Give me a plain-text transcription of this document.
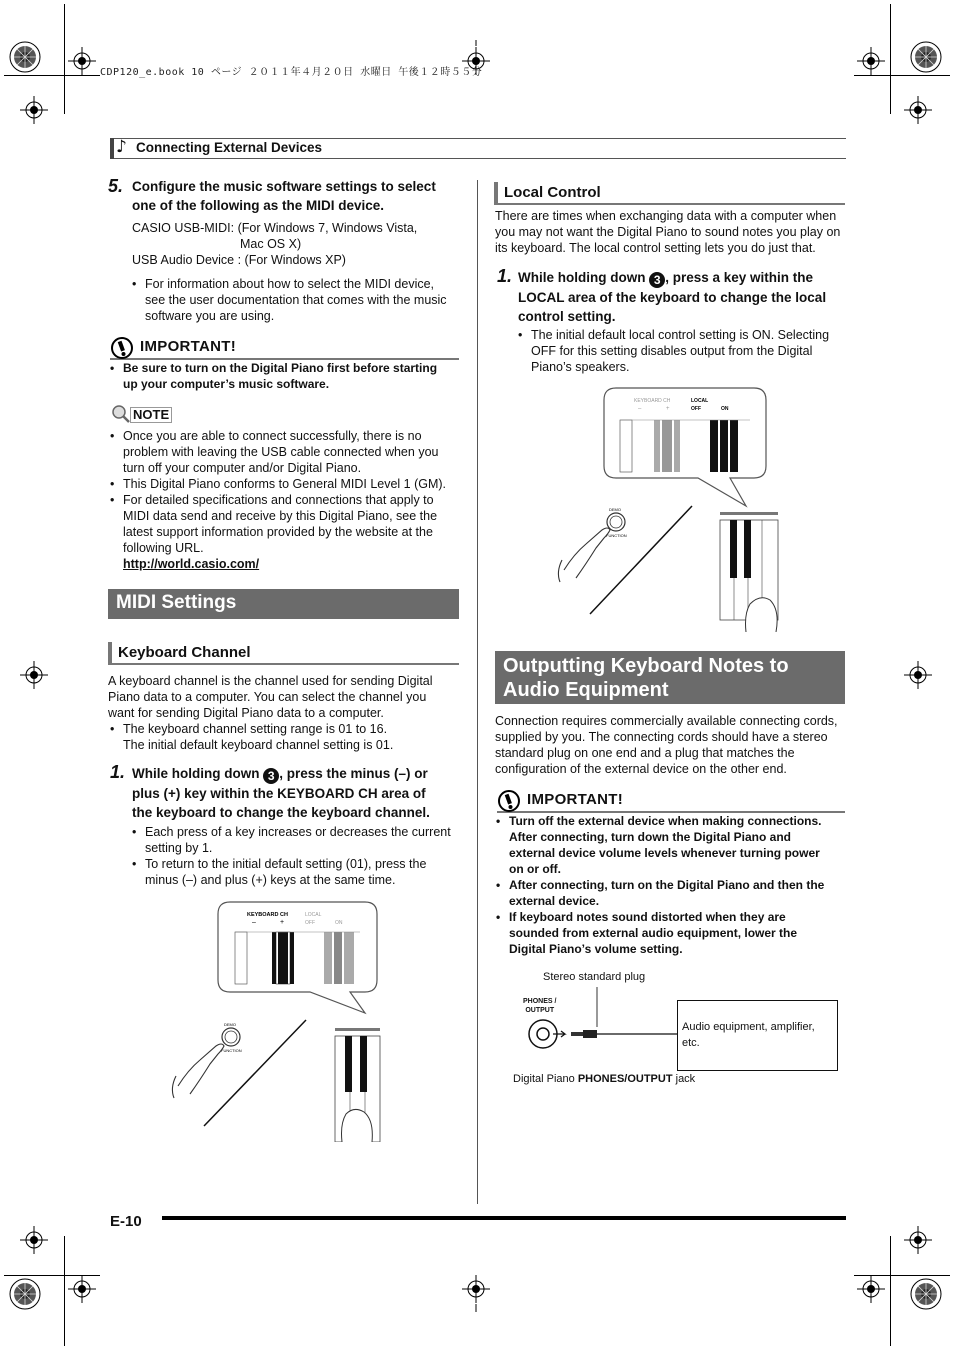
CDP120_e.book 10 ページ ２０１１年４月２０日 水曜日 午後１２時５５分
♪ Connecting External Devices
5. Configure the music software settings to select
one of the following as the MIDI device.
CASIO USB-MIDI: (For Windows 7, Windows Vista,
Mac OS X)
USB Audio Device : (For Windows XP)
• For information about how to select the MIDI device,
see the user documentation that comes with the music
software you are using.
IMPORTANT!
• Be sure to turn on the Digital Piano first before starting
up your computer’s music software.
NOTE
• Once you are able to connect successfully, there is no
problem with leaving the USB cable connected when you
turn off your computer and/or Digital Piano.
• This Digital Piano conforms to General MIDI Level 1 (GM).
• For detailed specifications and connections that apply to
MIDI data send and receive by this Digital Piano, see the
latest support information provided by the website at the
following URL.
http://world.casio.com/
MIDI Settings
Keyboard Channel
A keyboard channel is the channel used for sending Digital
Piano data to a computer. You can select the channel you
want for sending Digital Piano data to a computer.
• The keyboard channel setting range is 01 to 16.
The initial default keyboard channel setting is 01.
1. While holding down 3 , press the minus (–) or
plus (+) key within the KEYBOARD CH area of
the keyboard to change the keyboard channel.
• Each press of a key increases or decreases the current
setting by 1.
• To return to the initial default setting (01), press the
minus (–) and plus (+) keys at the same time.
KEYBOARD CH
–	+
LOCAL
OFF	ON
DEMO
FUNCTION
Local Control
There are times when exchanging data with a computer when
you may not want the Digital Piano to sound notes you play on
its keyboard. The local control setting lets you do just that.
1. While holding down 3 , press a key within the
LOCAL area of the keyboard to change the local
control setting.
• The initial default local control setting is ON. Selecting
OFF for this setting disables output from the Digital
Piano’s speakers.
KEYBOARD CH
–	+
LOCAL
OFF	ON
DEMO
FUNCTION
Outputting Keyboard Notes to
Audio Equipment
Connection requires commercially available connecting cords,
supplied by you. The connecting cords should have a stereo
standard plug on one end and a plug that matches the
configuration of the external device on the other end.
IMPORTANT!
• Turn off the external device when making connections.
After connecting, turn down the Digital Piano and
external device volume levels whenever turning power
on or off.
• After connecting, turn on the Digital Piano and then the
external device.
• If keyboard notes sound distorted when they are
sounded from external audio equipment, lower the
Digital Piano’s volume setting.
Stereo standard plug
PHONES /
OUTPUT
Audio equipment, amplifier,
etc.
Digital Piano PHONES/OUTPUT jack
E-10
